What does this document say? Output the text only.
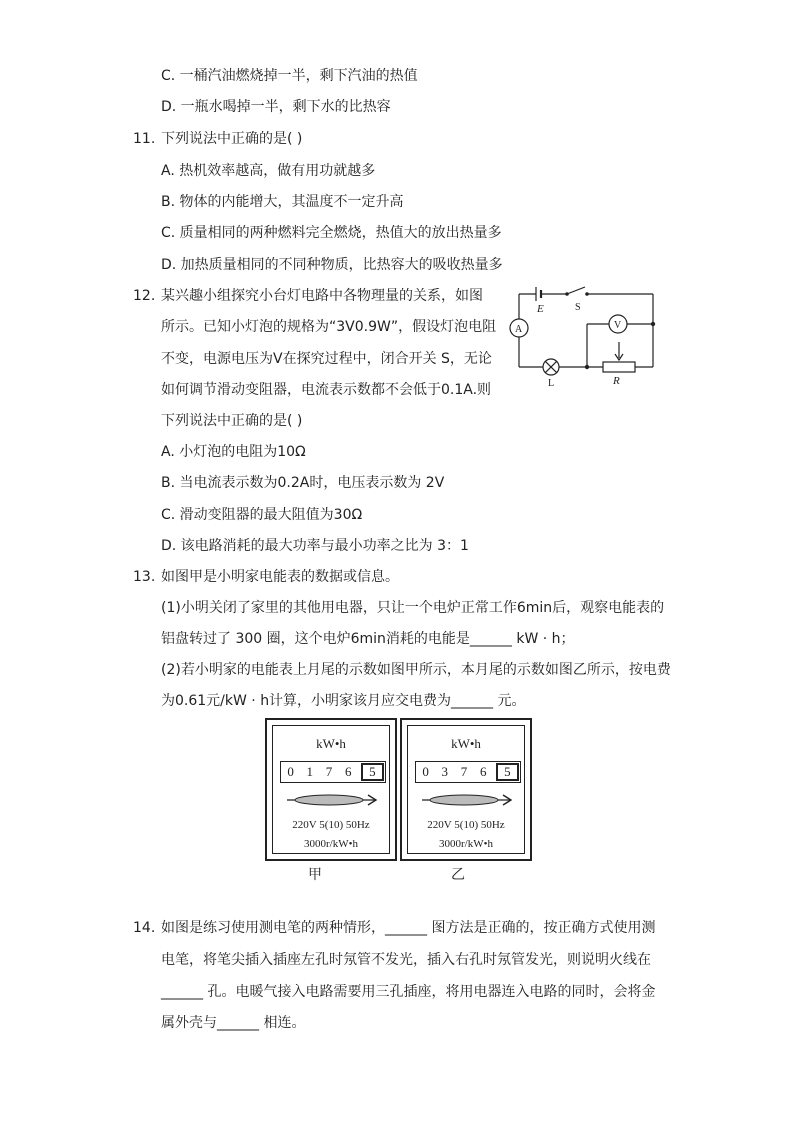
C. 一桶汽油燃烧掉一半，剩下汽油的热值
D. 一瓶水喝掉一半，剩下水的比热容
11. 下列说法中正确的是( )
A. 热机效率越高，做有用功就越多
B. 物体的内能增大，其温度不一定升高
C. 质量相同的两种燃料完全燃烧，热值大的放出热量多
D. 加热质量相同的不同种物质，比热容大的吸收热量多
12. 某兴趣小组探究小台灯电路中各物理量的关系，如图
所示。已知小灯泡的规格为“3V0.9W”，假设灯泡电阻
不变，电源电压为V在探究过程中，闭合开关 S，无论
如何调节滑动变阻器，电流表示数都不会低于0.1A.则
下列说法中正确的是( )
E	S
A	V
L	R
A. 小灯泡的电阻为10Ω
B. 当电流表示数为0.2A时，电压表示数为 2V
C. 滑动变阻器的最大阻值为30Ω
D. 该电路消耗的最大功率与最小功率之比为 3：1
13. 如图甲是小明家电能表的数据或信息。
(1)小明关闭了家里的其他用电器，只让一个电炉正常工作6min后，观察电能表的
铝盘转过了 300 圈，这个电炉6min消耗的电能是______ kW · h；
(2)若小明家的电能表上月尾的示数如图甲所示，本月尾的示数如图乙所示，按电费
为0.61元/kW · h计算，小明家该月应交电费为______ 元。
kW•h
0 1 7 6	5
220V 5(10) 50Hz
3000r/kW•h
甲
kW•h
0 3 7 6	5
220V 5(10) 50Hz
3000r/kW•h
乙
14. 如图是练习使用测电笔的两种情形，______ 图方法是正确的，按正确方式使用测
电笔，将笔尖插入插座左孔时氖管不发光，插入右孔时氖管发光，则说明火线在
______ 孔。电暖气接入电路需要用三孔插座，将用电器连入电路的同时，会将金
属外壳与______ 相连。
